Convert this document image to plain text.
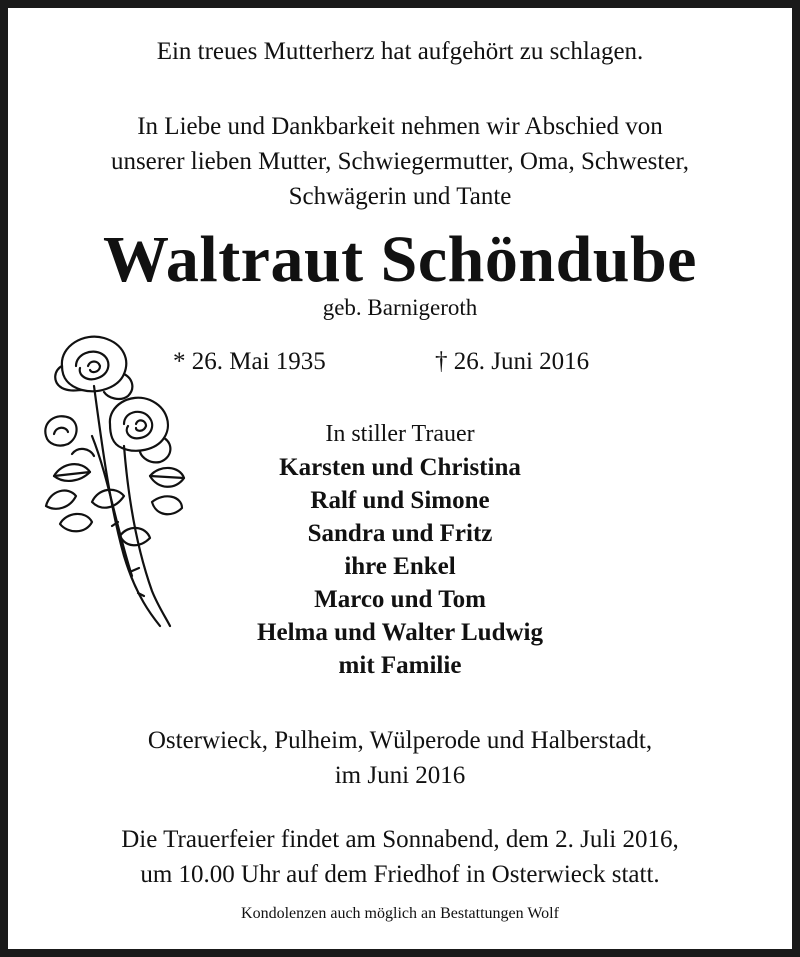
Ein treues Mutterherz hat aufgehört zu schlagen.
In Liebe und Dankbarkeit nehmen wir Abschied von
unserer lieben Mutter, Schwiegermutter, Oma, Schwester,
Schwägerin und Tante
Waltraut Schöndube
geb. Barnigeroth
* 26. Mai 1935	† 26. Juni 2016
In stiller Trauer
Karsten und Christina
Ralf und Simone
Sandra und Fritz
ihre Enkel
Marco und Tom
Helma und Walter Ludwig
mit Familie
Osterwieck, Pulheim, Wülperode und Halberstadt,
im Juni 2016
Die Trauerfeier findet am Sonnabend, dem 2. Juli 2016,
um 10.00 Uhr auf dem Friedhof in Osterwieck statt.
Kondolenzen auch möglich an Bestattungen Wolf
